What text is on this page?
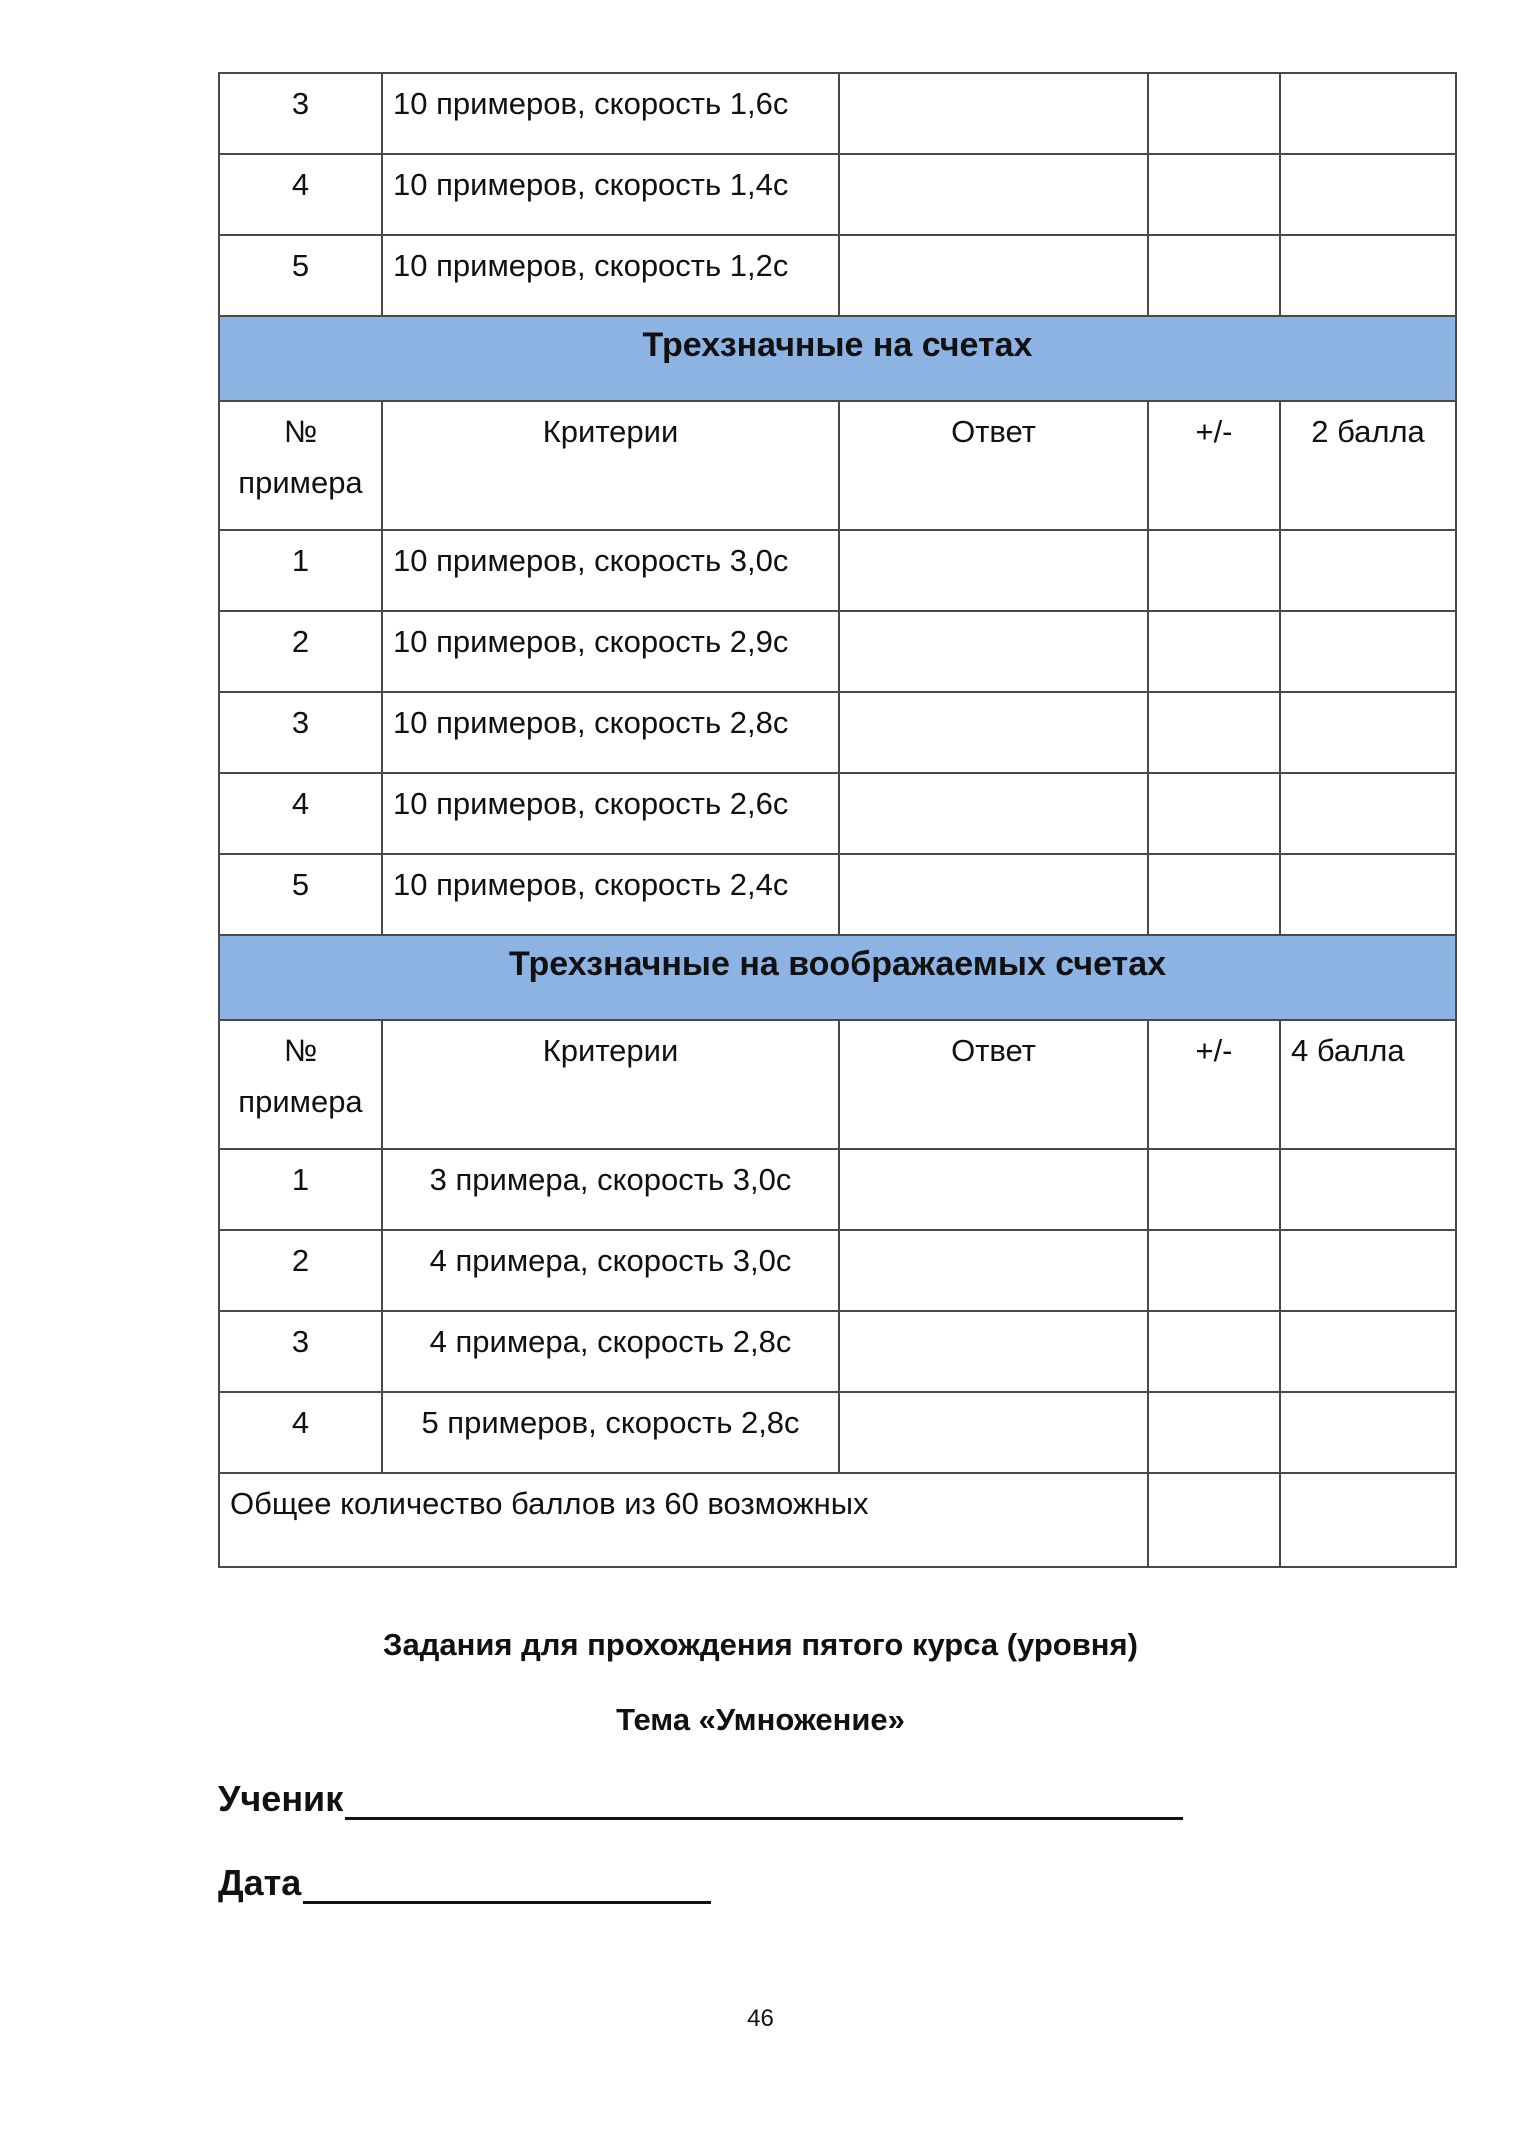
3	10 примеров, скорость 1,6с			
4	10 примеров, скорость 1,4с			
5	10 примеров, скорость 1,2с			
Трехзначные на счетах				
№ примера	Критерии	Ответ	+/-	2 балла
1	10 примеров, скорость 3,0с			
2	10 примеров, скорость 2,9с			
3	10 примеров, скорость 2,8с			
4	10 примеров, скорость 2,6с			
5	10 примеров, скорость 2,4с			
Трехзначные на воображаемых счетах				
№ примера	Критерии	Ответ	+/-	4 балла
1	3 примера, скорость 3,0с			
2	4 примера, скорость 3,0с			
3	4 примера, скорость 2,8с			
4	5 примеров, скорость 2,8с			
Общее количество баллов из 60 возможных				
Задания для прохождения пятого курса (уровня)
Тема «Умножение»
Ученик
Дата
46
